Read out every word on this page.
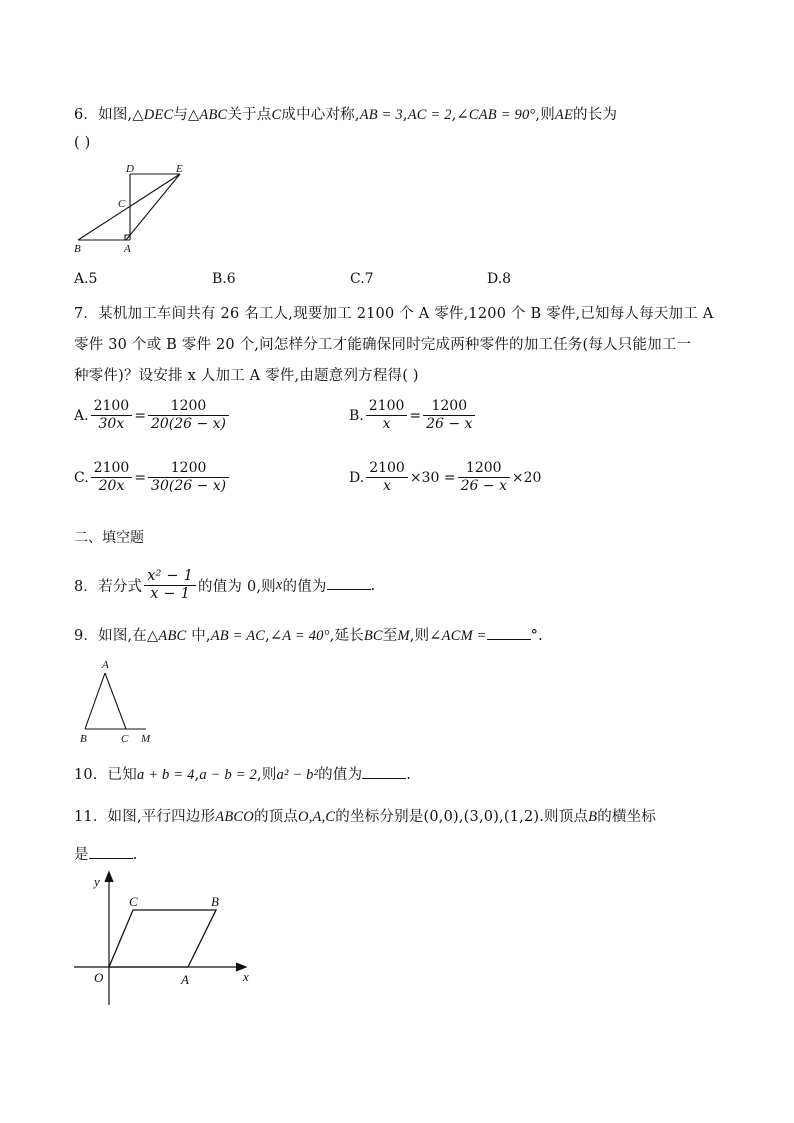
6．如图,△DEC与△ABC关于点C成中心对称,AB = 3,AC = 2,∠CAB = 90°,则AE的长为
( )
D	E
C
B	A
A.5	B.6	C.7	D.8
7．某机加工车间共有 26 名工人,现要加工 2100 个 A 零件,1200 个 B 零件,已知每人每天加工 A
零件 30 个或 B 零件 20 个,问怎样分工才能确保同时完成两种零件的加工任务(每人只能加工一
种零件)？设安排 x 人加工 A 零件,由题意列方程得( )
A. $\frac{2100}{30x} = \frac{1200}{20(26 - x)}$	B. $\frac{2100}{x} = \frac{1200}{26 - x}$
C. $\frac{2100}{20x} = \frac{1200}{30(26 - x)}$	D. $\frac{2100}{x} \times 30 = \frac{1200}{26 - x} \times 20$
二、填空题
8．若分式 $\frac{\text{x² − 1}}{x - 1}$ 的值为 0,则x的值为	.
9．如图,在△ABC 中,AB = AC,∠A = 40°,延长BC至M,则∠ACM =	°.
A
B	C M
10．已知a + b = 4,a − b = 2,则a² − b²的值为	.
11．如图,平行四边形ABCO的顶点O,A,C的坐标分别是(0,0),(3,0),(1,2).则顶点B的横坐标
是	.
y
x
O	A
B
C
